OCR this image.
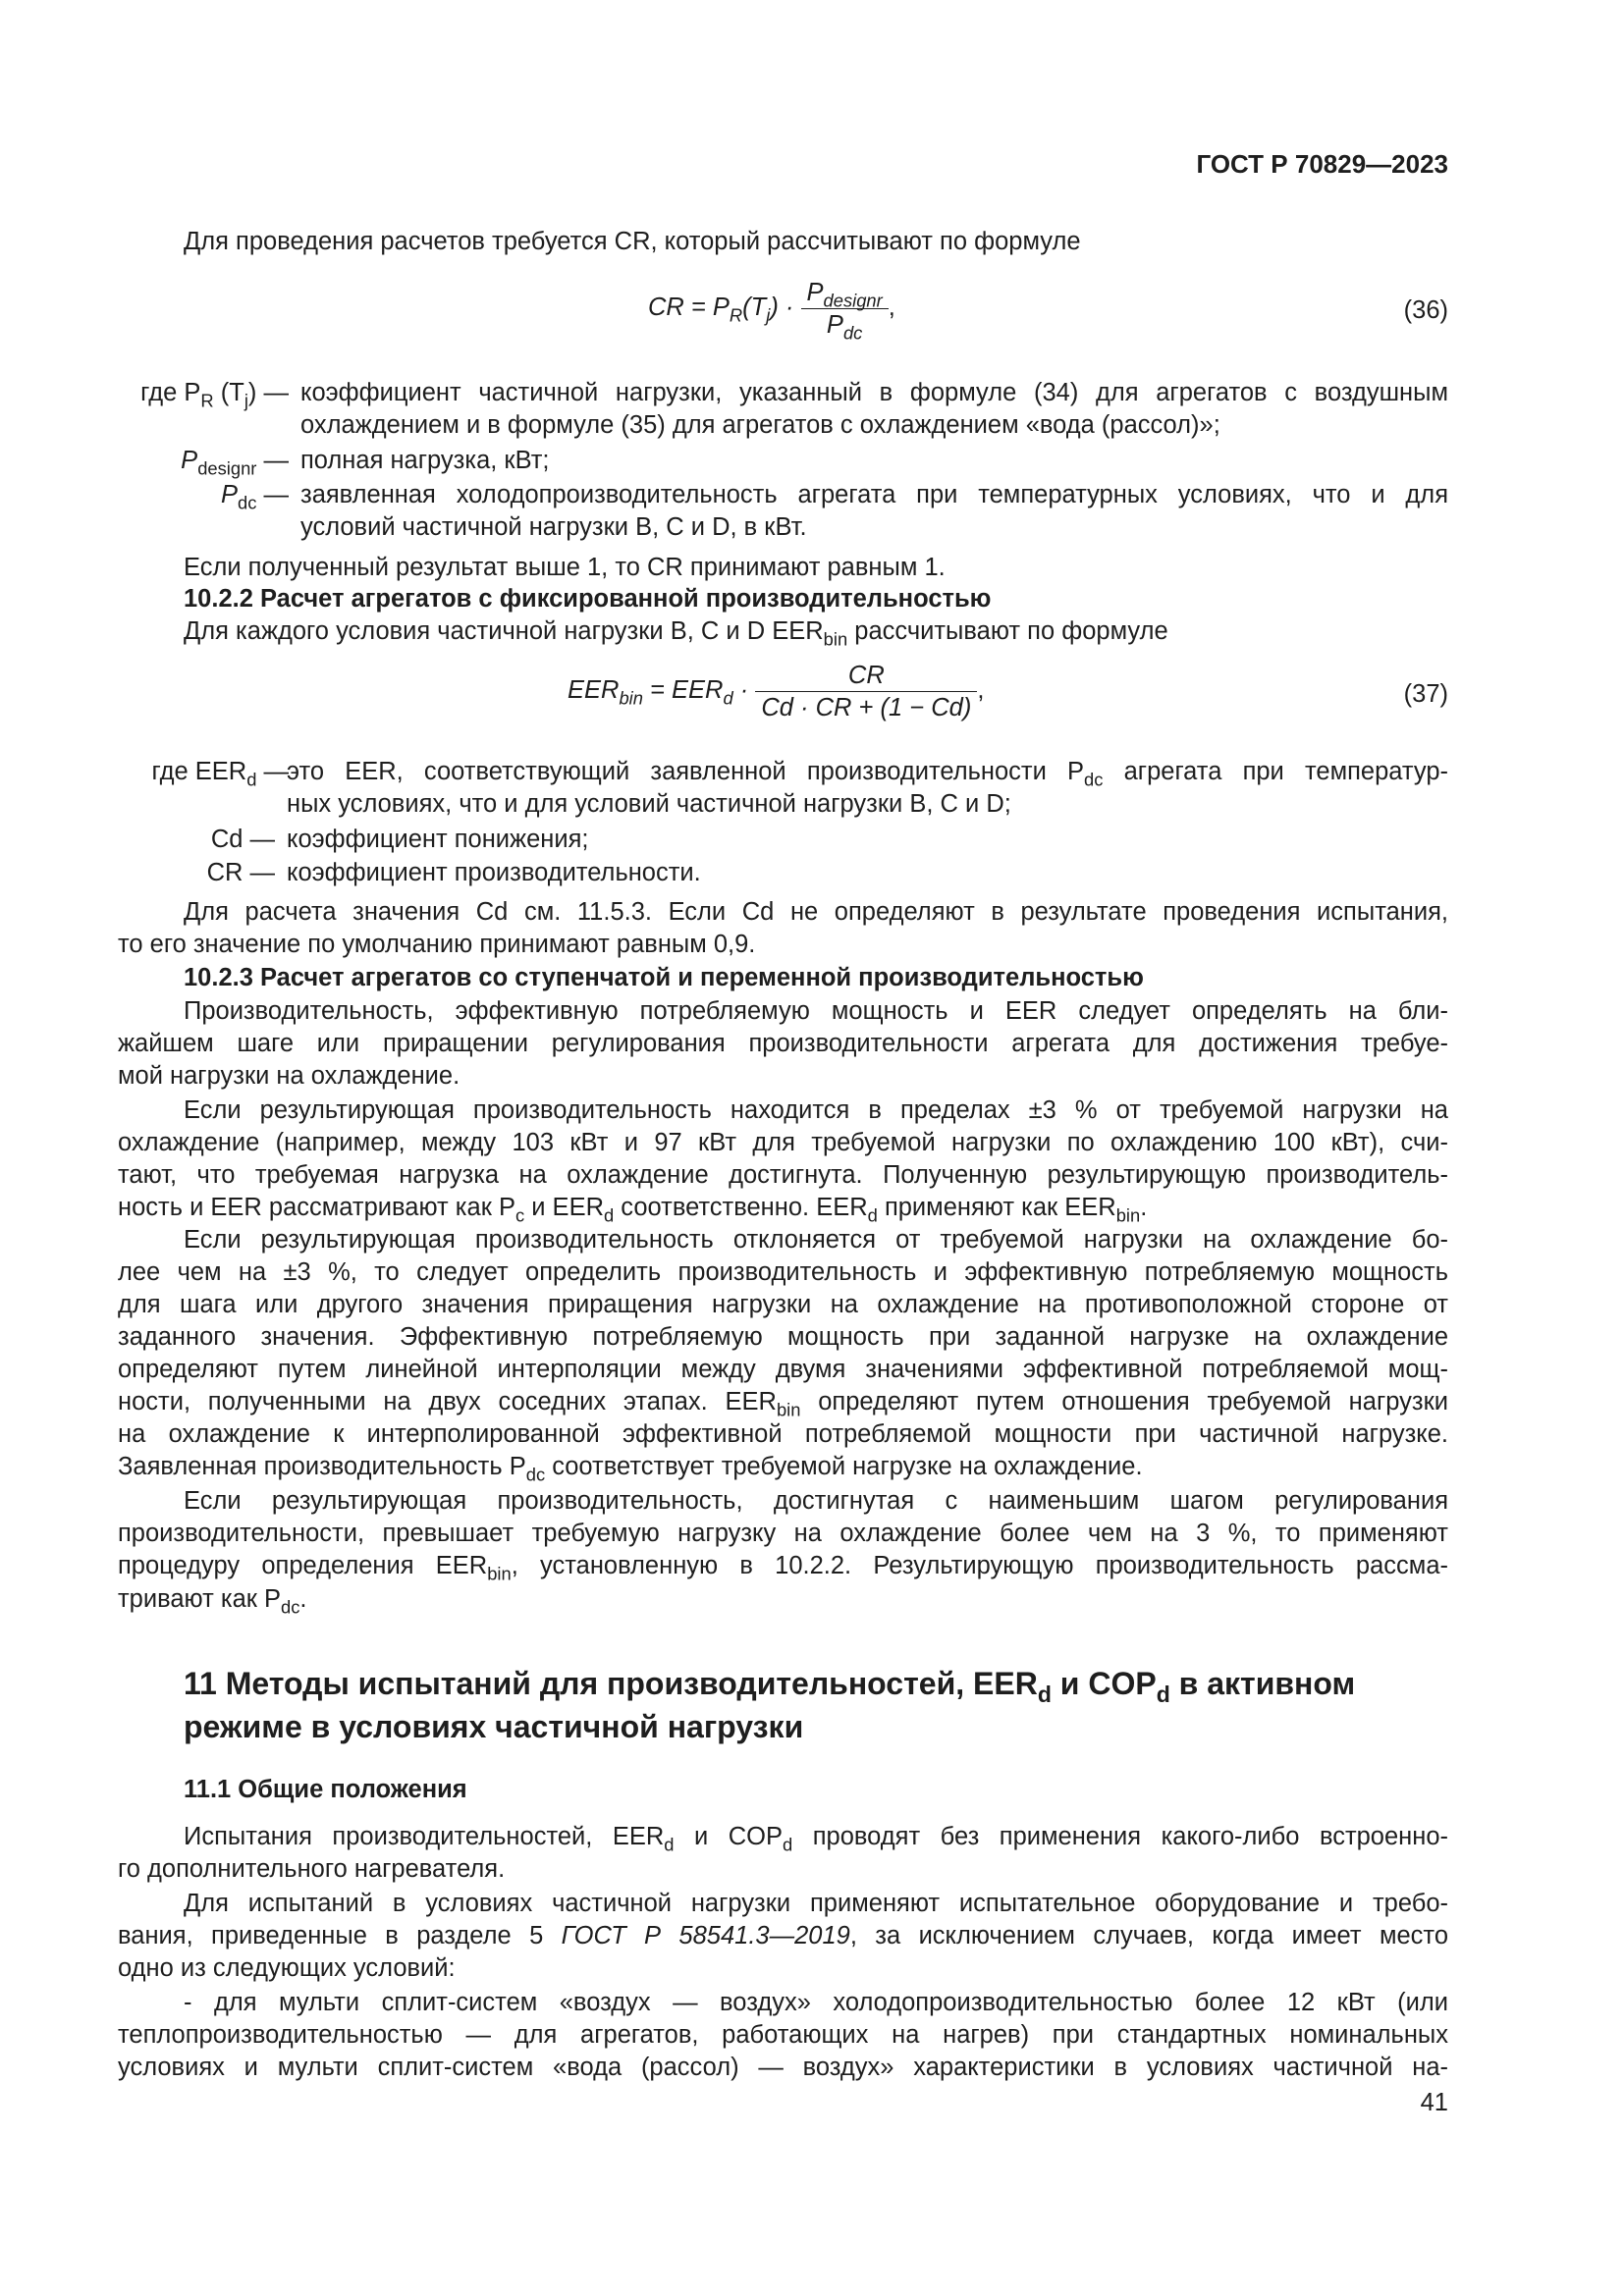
ГОСТ Р 70829—2023
Для проведения расчетов требуется CR, который рассчитывают по формуле
CR = $P_R(T_j) \cdot \frac{P_{designr}}{P_{dc}}$ ,	(36)
где $P_R$ $(T_j)$ — коэффициент частичной нагрузки, указанный в формуле (34) для агрегатов с воздушным
охлаждением и в формуле (35) для агрегатов с охлаждением «вода (рассол)»;
$P_{designr}$ — полная нагрузка, кВт;
$P_{dc}$ — заявленная холодопроизводительность агрегата при температурных условиях, что и для
условий частичной нагрузки B, C и D, в кВт.
Если полученный результат выше 1, то CR принимают равным 1.
10.2.2 Расчет агрегатов с фиксированной производительностью
Для каждого условия частичной нагрузки B, C и D $EER_{bin}$ рассчитывают по формуле
$EER_{bin} = EER_d \cdot \frac{CR}{Cd \cdot CR + (1 - Cd)}$ ,	(37)
где $EER_d$ —
это EER, соответствующий заявленной производительности $P_{dc}$ агрегата при температур-
ных условиях, что и для условий частичной нагрузки B, C и D;
Cd — коэффициент понижения;
CR — коэффициент производительности.
Для расчета значения Cd см. 11.5.3. Если Cd не определяют в результате проведения испытания,
то его значение по умолчанию принимают равным 0,9.
10.2.3 Расчет агрегатов со ступенчатой и переменной производительностью
Производительность, эффективную потребляемую мощность и EER следует определять на бли-
жайшем шаге или приращении регулирования производительности агрегата для достижения требуе-
мой нагрузки на охлаждение.
Если результирующая производительность находится в пределах ±3 % от требуемой нагрузки на
охлаждение (например, между 103 кВт и 97 кВт для требуемой нагрузки по охлаждению 100 кВт), счи-
тают, что требуемая нагрузка на охлаждение достигнута. Полученную результирующую производитель-
ность и EER рассматривают как $P_c$ и $EER_d$ соответственно. $EER_d$ применяют как $EER_{bin}$.
Если результирующая производительность отклоняется от требуемой нагрузки на охлаждение бо-
лее чем на ±3 %, то следует определить производительность и эффективную потребляемую мощность
для шага или другого значения приращения нагрузки на охлаждение на противоположной стороне от
заданного значения. Эффективную потребляемую мощность при заданной нагрузке на охлаждение
определяют путем линейной интерполяции между двумя значениями эффективной потребляемой мощ-
ности, полученными на двух соседних этапах. $EER_{bin}$ определяют путем отношения требуемой нагрузки
на охлаждение к интерполированной эффективной потребляемой мощности при частичной нагрузке.
Заявленная производительность $P_{dc}$ соответствует требуемой нагрузке на охлаждение.
Если результирующая производительность, достигнутая с наименьшим шагом регулирования
производительности, превышает требуемую нагрузку на охлаждение более чем на 3 %, то применяют
процедуру определения $EER_{bin}$, установленную в 10.2.2. Результирующую производительность рассма-
тривают как $P_{dc}$.
11 Методы испытаний для производительностей, $EER_d$ и $COP_d$ в активном
режиме в условиях частичной нагрузки
11.1 Общие положения
Испытания производительностей, $EER_d$ и $COP_d$ проводят без применения какого-либо встроенно-
го дополнительного нагревателя.
Для испытаний в условиях частичной нагрузки применяют испытательное оборудование и требо-
вания, приведенные в разделе 5 ГОСТ Р 58541.3—2019, за исключением случаев, когда имеет место
одно из следующих условий:
- для мульти сплит-систем «воздух — воздух» холодопроизводительностью более 12 кВт (или
теплопроизводительностью — для агрегатов, работающих на нагрев) при стандартных номинальных
условиях и мульти сплит-систем «вода (рассол) — воздух» характеристики в условиях частичной на-
41
